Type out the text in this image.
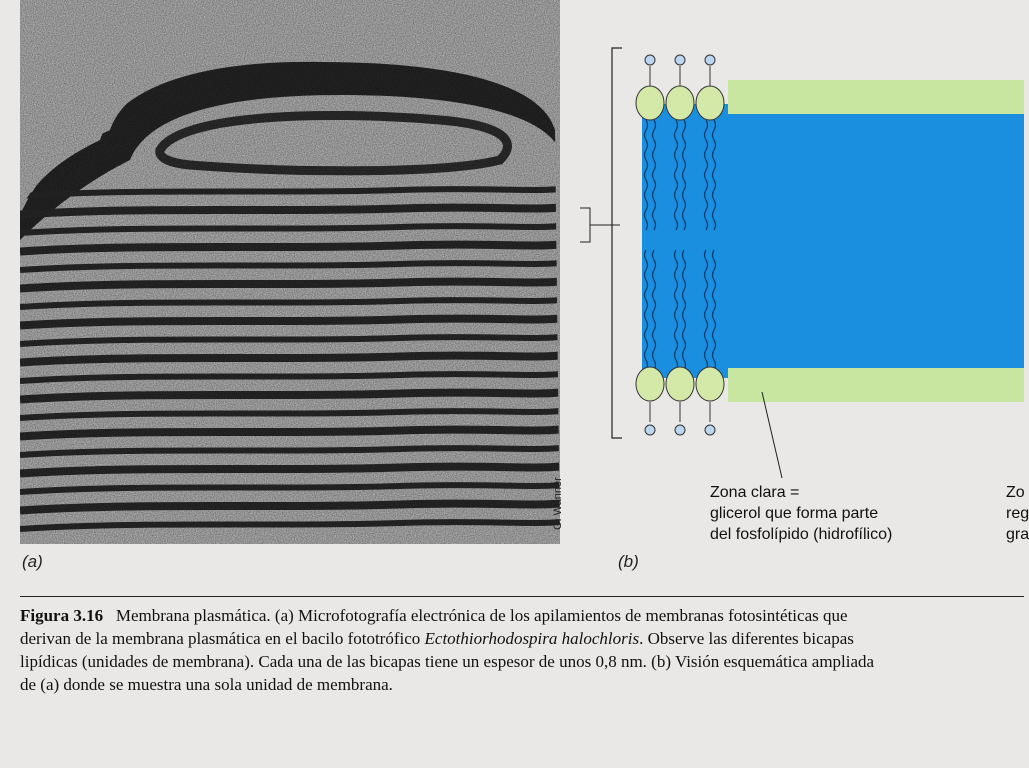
(a)
G. Wanner	Zona clara =
glicerol que forma parte
del fosfolípido (hidrofílico)
Zo
reg
gra
(b)
Figura 3.16 Membrana plasmática. (a) Microfotografía electrónica de los apilamientos de membranas fotosintéticas que derivan de la membrana plasmática en el bacilo fototrófico Ectothiorhodospira halochloris. Observe las diferentes bicapas lipídicas (unidades de membrana). Cada una de las bicapas tiene un espesor de unos 0,8 nm. (b) Visión esquemática ampliada de (a) donde se muestra una sola unidad de membrana.
